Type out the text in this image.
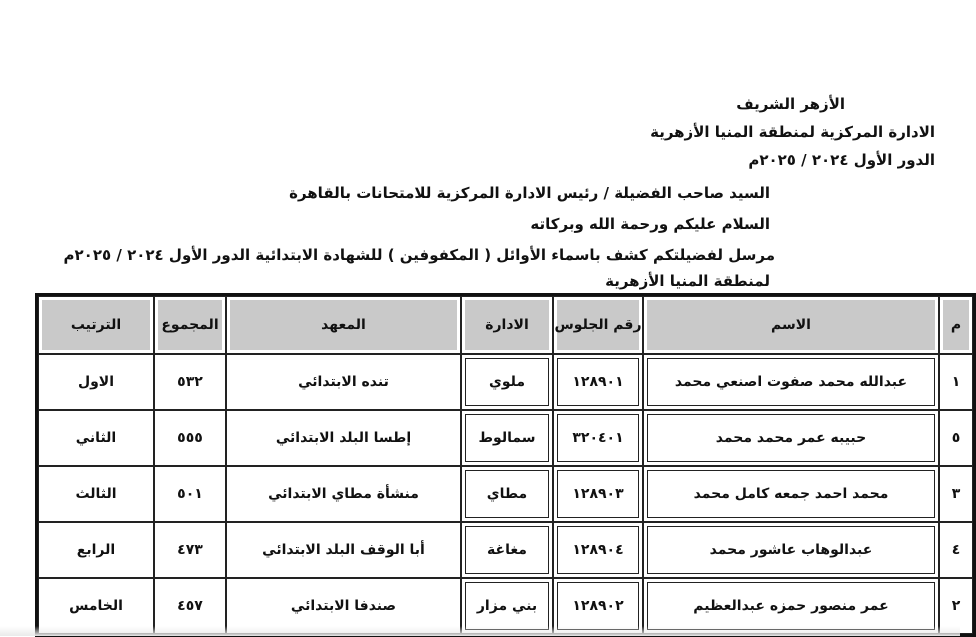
الأزهر الشريف
الادارة المركزية لمنطقة المنيا الأزهرية
الدور الأول ٢٠٢٤ / ٢٠٢٥م
السيد صاحب الفضيلة / رئيس الادارة المركزية للامتحانات بالقاهرة
السلام عليكم ورحمة الله وبركاته
مرسل لفضيلتكم كشف باسماء الأوائل ( المكفوفين ) للشهادة الابتدائية الدور الأول ٢٠٢٤ / ٢٠٢٥م
لمنطقة المنيا الأزهرية
م	الاسم	رقم الجلوس	الادارة	المعهد	المجموع	الترتيب
١	عبدالله محمد صفوت اصنعي محمد	١٢٨٩٠١	ملوي	تنده الابتدائي	٥٣٢	الاول
٥	حبيبه عمر محمد محمد	٣٢٠٤٠١	سمالوط	إطسا البلد الابتدائي	٥٥٥	الثاني
٣	محمد احمد جمعه كامل محمد	١٢٨٩٠٣	مطاي	منشأة مطاي الابتدائي	٥٠١	الثالث
٤	عبدالوهاب عاشور محمد	١٢٨٩٠٤	مغاغة	أبا الوقف البلد الابتدائي	٤٧٣	الرابع
٢	عمر منصور حمزه عبدالعظيم	١٢٨٩٠٢	بني مزار	صندفا الابتدائي	٤٥٧	الخامس
